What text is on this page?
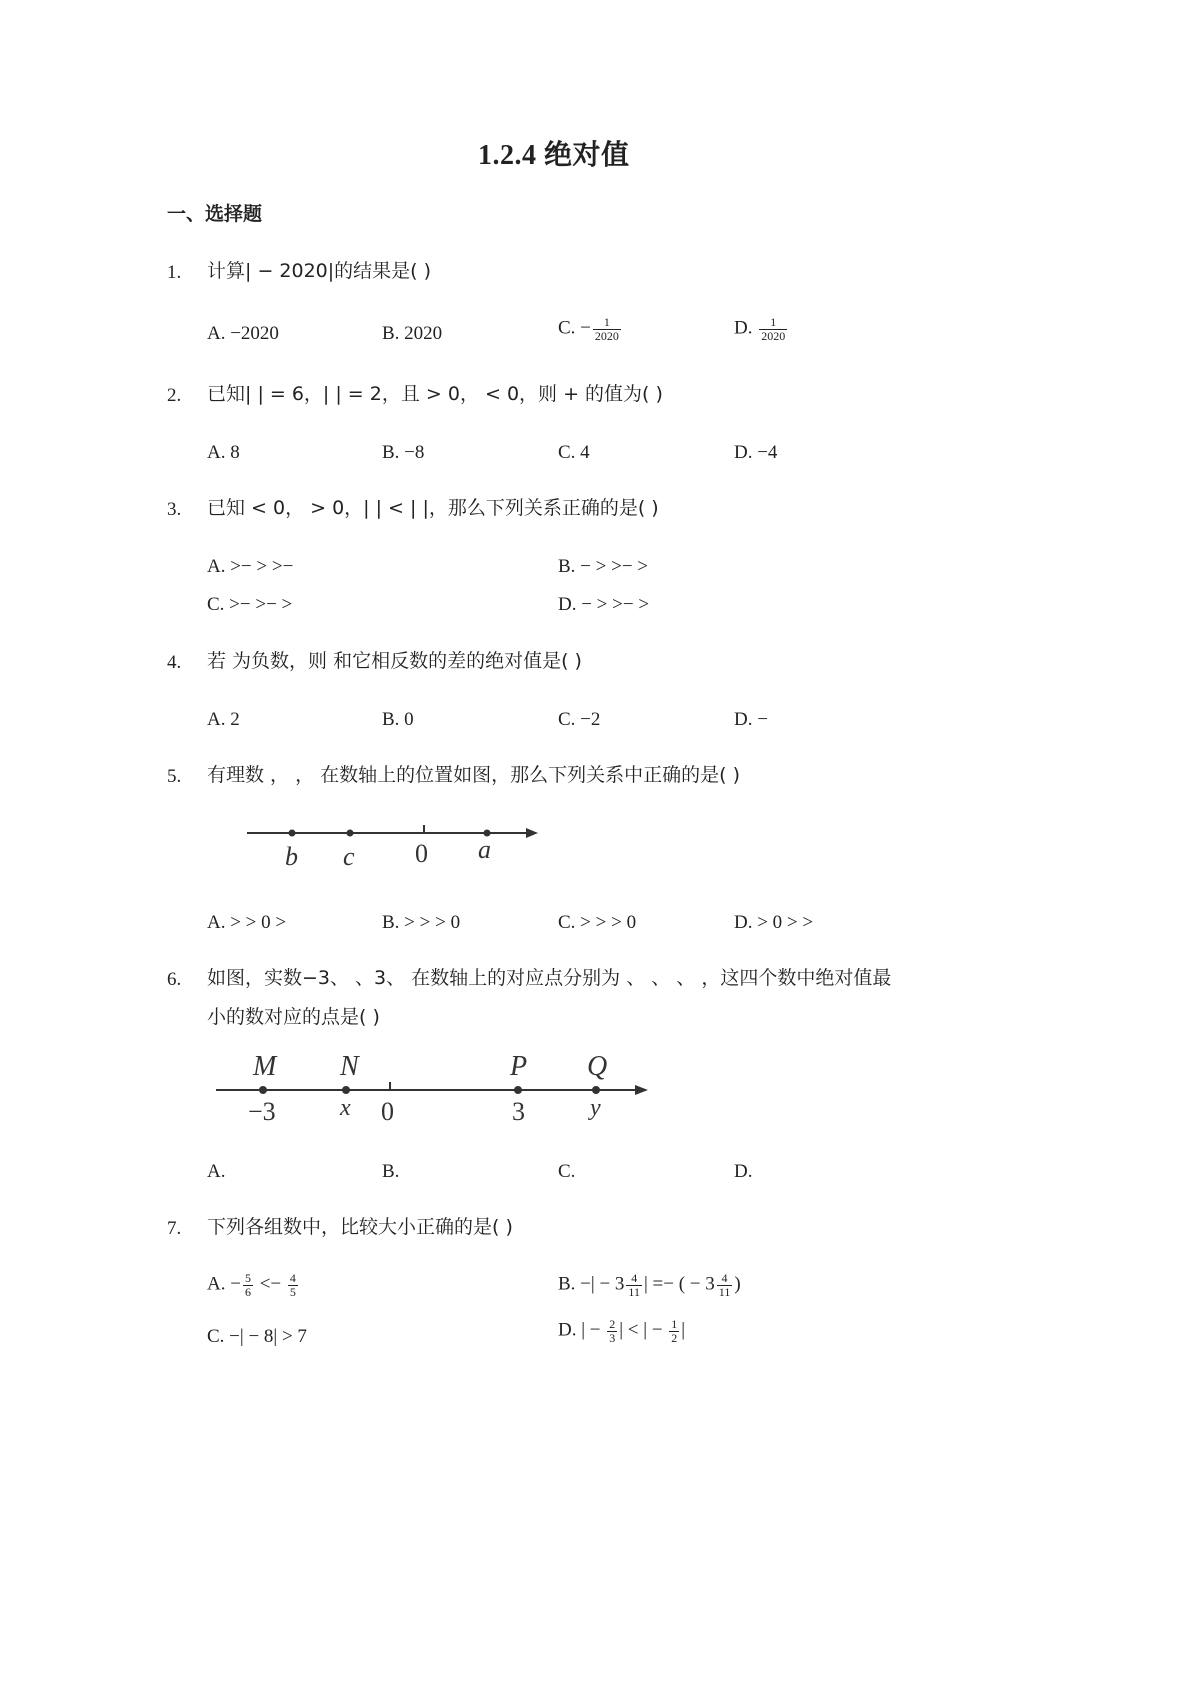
1.2.4 绝对值
一、选择题
1. 计算| − 2020|的结果是( )
A. −2020	B. 2020	C. − $\frac{1}{2020}$	D. $\frac{1}{2020}$
2. 已知| | = 6，| | = 2，且 > 0， < 0，则 + 的值为( )
A. 8	B. −8	C. 4	D. −4
3. 已知 < 0， > 0，| | < | |，那么下列关系正确的是( )
A. >− > >−	B. − > >− >
C. >− >− >	D. − > >− >
4. 若 为负数，则 和它相反数的差的绝对值是( )
A. 2	B. 0	C. −2	D. −
5. 有理数 ， ， 在数轴上的位置如图，那么下列关系中正确的是( )
b c 0 a
A. > > 0 >	B. > > > 0	C. > > > 0	D. > 0 > >
6. 如图，实数−3、 、3、 在数轴上的对应点分别为 、 、 、 ，这四个数中绝对值最
小的数对应的点是( )
M N	P Q
−3	x 0	3	y
A.	B.	C.	D.
7. 下列各组数中，比较大小正确的是( )
A. − $\frac{5}{6} <- \frac{4}{5}$	B. −| − $3 \frac{4}{11}$ | =− ( − $3 \frac{4}{11}$ )
C. −| − 8| > 7	D. | − $\frac{2}{3}$ | < | − $\frac{1}{2}$ |
